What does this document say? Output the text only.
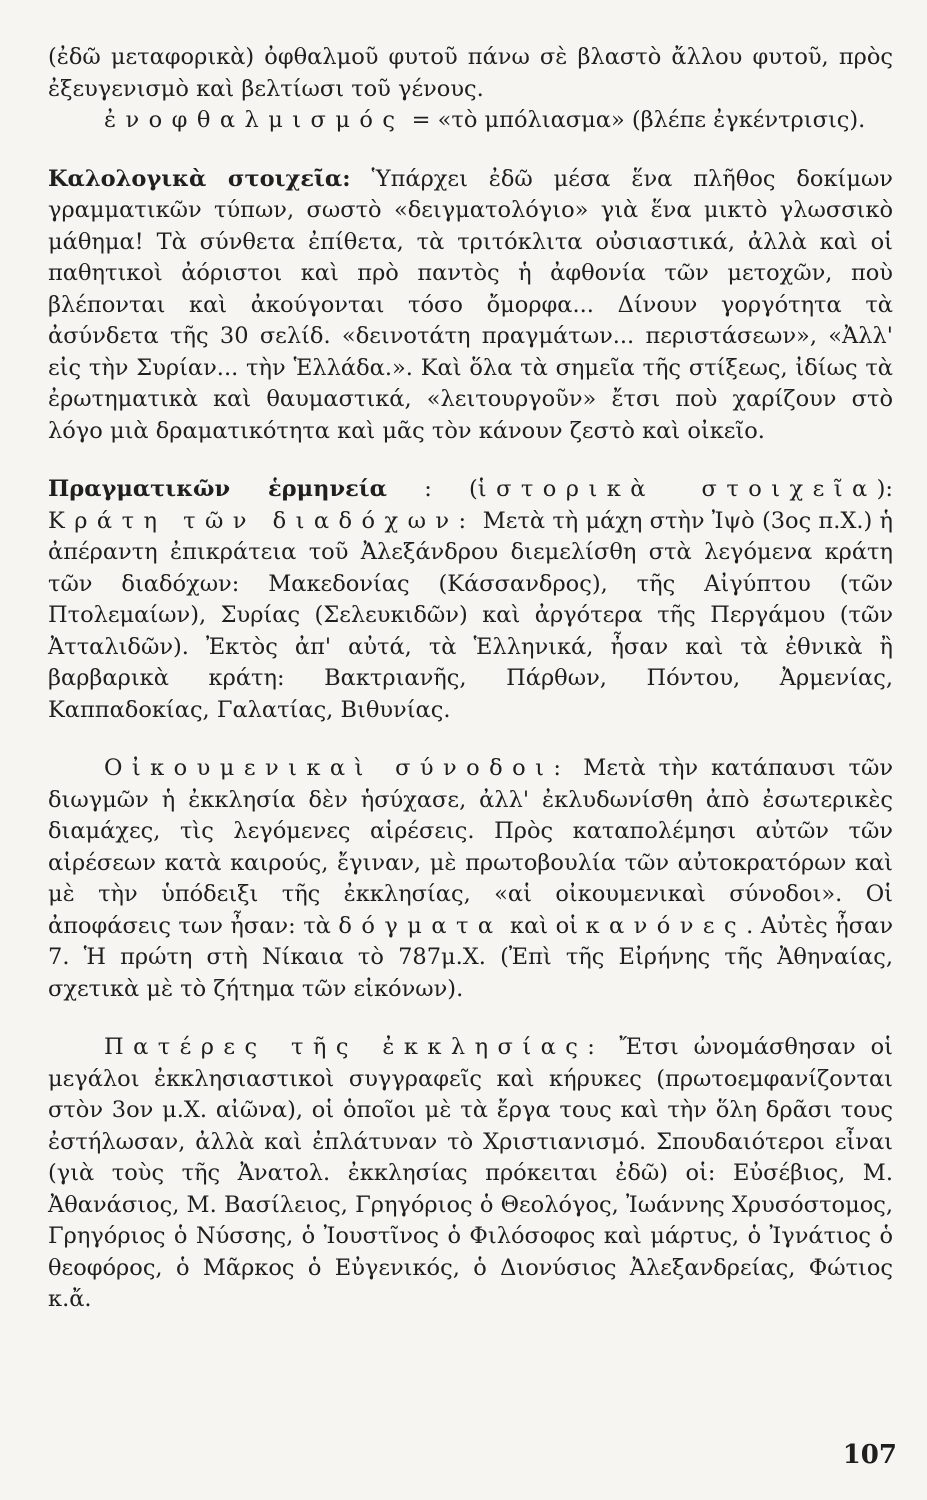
(ἐδῶ μεταφορικὰ) ὀφθαλμοῦ φυτοῦ πάνω σὲ βλαστὸ ἄλλου φυτοῦ, πρὸς ἐξευγενισμὸ καὶ βελτίωσι τοῦ γένους.

ἐνοφθαλμισμός = «τὸ μπόλιασμα» (βλέπε ἐγκέντρισις).

Καλολογικὰ στοιχεῖα: Ὑπάρχει ἐδῶ μέσα ἕνα πλῆθος δοκίμων γραμματικῶν τύπων, σωστὸ «δειγματολόγιο» γιὰ ἕνα μικτὸ γλωσσικὸ μάθημα! Τὰ σύνθετα ἐπίθετα, τὰ τριτόκλιτα οὐσιαστικά, ἀλλὰ καὶ οἱ παθητικοὶ ἀόριστοι καὶ πρὸ παντὸς ἡ ἀφθονία τῶν μετοχῶν, ποὺ βλέπονται καὶ ἀκούγονται τόσο ὄμορφα... Δίνουν γοργότητα τὰ ἀσύνδετα τῆς 30 σελίδ. «δεινοτάτη πραγμάτων... περιστάσεων», «Ἀλλ' εἰς τὴν Συρίαν... τὴν Ἑλλάδα.». Καὶ ὅλα τὰ σημεῖα τῆς στίξεως, ἰδίως τὰ ἐρωτηματικὰ καὶ θαυμαστικά, «λειτουργοῦν» ἔτσι ποὺ χαρίζουν στὸ λόγο μιὰ δραματικότητα καὶ μᾶς τὸν κάνουν ζεστὸ καὶ οἰκεῖο.

Πραγματικῶν ἑρμηνεία : (ἱστορικὰ στοιχεῖα): Κράτη τῶν διαδόχων: Μετὰ τὴ μάχη στὴν Ἰψὸ (3ος π.Χ.) ἡ ἀπέραντη ἐπικράτεια τοῦ Ἀλεξάνδρου διεμελίσθη στὰ λεγόμενα κράτη τῶν διαδόχων: Μακεδονίας (Κάσσανδρος), τῆς Αἰγύπτου (τῶν Πτολεμαίων), Συρίας (Σελευκιδῶν) καὶ ἀργότερα τῆς Περγάμου (τῶν Ἀτταλιδῶν). Ἐκτὸς ἀπ' αὐτά, τὰ Ἑλληνικά, ἦσαν καὶ τὰ ἐθνικὰ ἢ βαρβαρικὰ κράτη: Βακτριανῆς, Πάρθων, Πόντου, Ἀρμενίας, Καππαδοκίας, Γαλατίας, Βιθυνίας.

Οἰκουμενικαὶ σύνοδοι: Μετὰ τὴν κατάπαυσι τῶν διωγμῶν ἡ ἐκκλησία δὲν ἡσύχασε, ἀλλ' ἐκλυδωνίσθη ἀπὸ ἐσωτερικὲς διαμάχες, τὶς λεγόμενες αἱρέσεις. Πρὸς καταπολέμησι αὐτῶν τῶν αἱρέσεων κατὰ καιρούς, ἔγιναν, μὲ πρωτοβουλία τῶν αὐτοκρατόρων καὶ μὲ τὴν ὑπόδειξι τῆς ἐκκλησίας, «αἱ οἰκουμενικαὶ σύνοδοι». Οἱ ἀποφάσεις των ἦσαν: τὰ δόγματα καὶ οἱ κανόνες. Αὐτὲς ἦσαν 7. Ἡ πρώτη στὴ Νίκαια τὸ 787μ.Χ. (Ἐπὶ τῆς Εἰρήνης τῆς Ἀθηναίας, σχετικὰ μὲ τὸ ζήτημα τῶν εἰκόνων).

Πατέρες τῆς ἐκκλησίας: Ἔτσι ὠνομάσθησαν οἱ μεγάλοι ἐκκλησιαστικοὶ συγγραφεῖς καὶ κήρυκες (πρωτοεμφανίζονται στὸν 3ον μ.Χ. αἰῶνα), οἱ ὁποῖοι μὲ τὰ ἔργα τους καὶ τὴν ὅλη δρᾶσι τους ἐστήλωσαν, ἀλλὰ καὶ ἐπλάτυναν τὸ Χριστιανισμό. Σπουδαιότεροι εἶναι (γιὰ τοὺς τῆς Ἀνατολ. ἐκκλησίας πρόκειται ἐδῶ) οἱ: Εὐσέβιος, Μ. Ἀθανάσιος, Μ. Βασίλειος, Γρηγόριος ὁ Θεολόγος, Ἰωάννης Χρυσόστομος, Γρηγόριος ὁ Νύσσης, ὁ Ἰουστῖνος ὁ Φιλόσοφος καὶ μάρτυς, ὁ Ἰγνάτιος ὁ θεοφόρος, ὁ Μᾶρκος ὁ Εὐγενικός, ὁ Διονύσιος Ἀλεξανδρείας, Φώτιος κ.ἄ.

107
